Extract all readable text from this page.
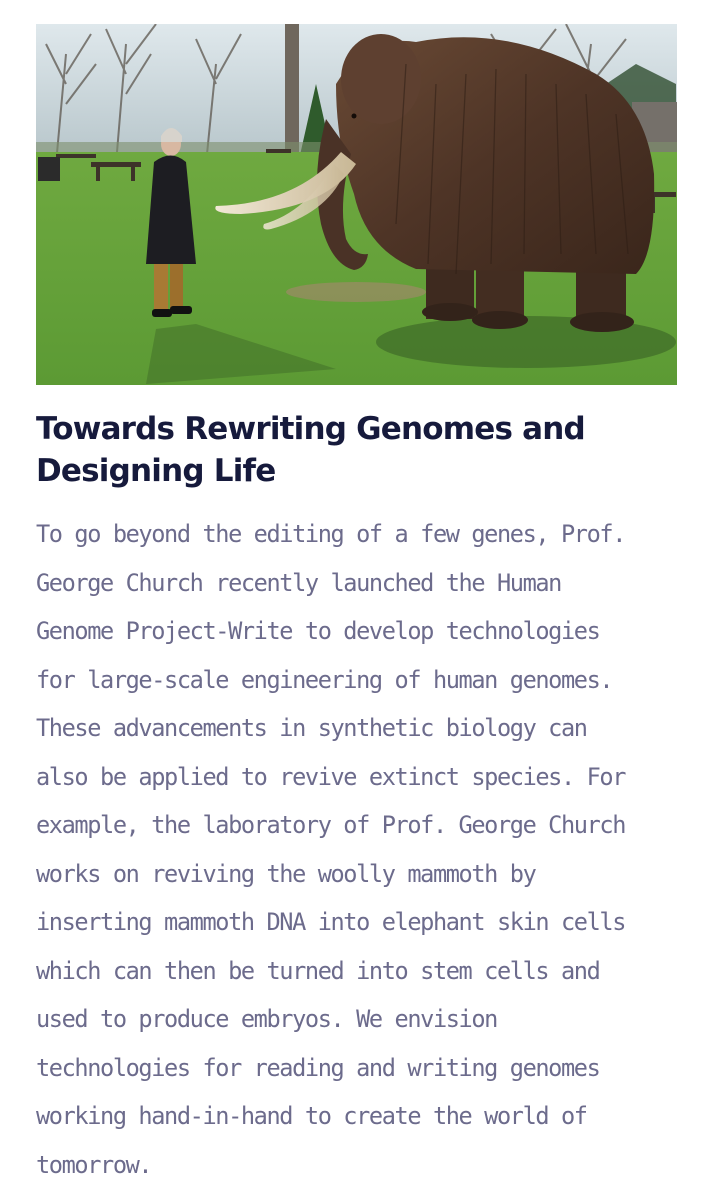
Towards Rewriting Genomes and
Designing Life

To go beyond the editing of a few genes, Prof.
George Church recently launched the Human
Genome Project-Write to develop technologies
for large-scale engineering of human genomes.
These advancements in synthetic biology can
also be applied to revive extinct species. For
example, the laboratory of Prof. George Church
works on reviving the woolly mammoth by
inserting mammoth DNA into elephant skin cells
which can then be turned into stem cells and
used to produce embryos. We envision
technologies for reading and writing genomes
working hand-in-hand to create the world of
tomorrow.
